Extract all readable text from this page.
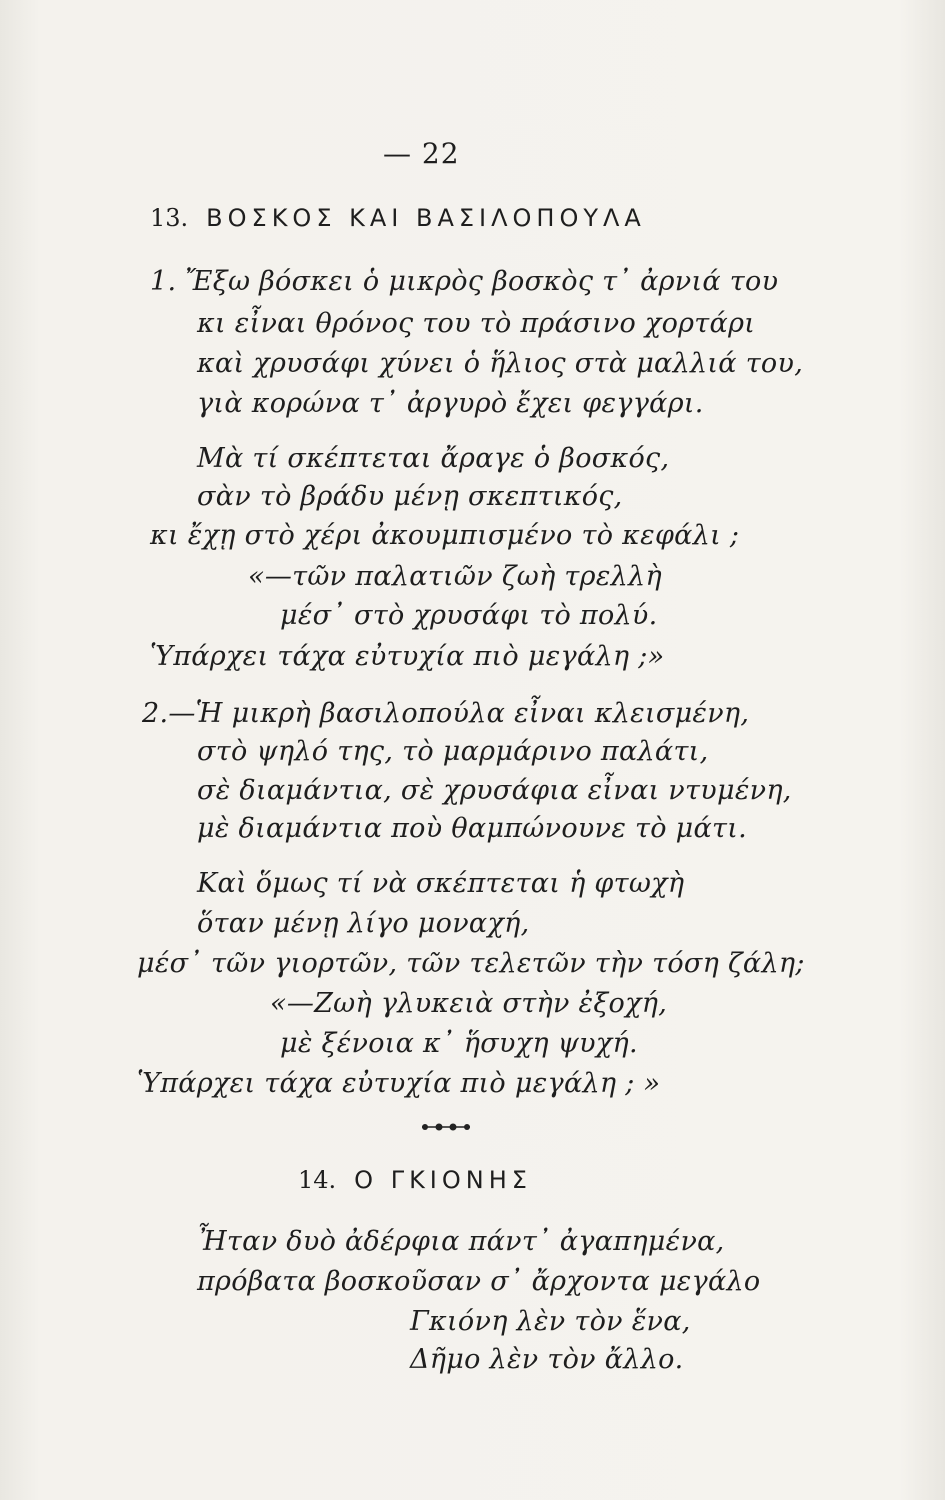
— 22
13. ΒΟΣΚΟΣ ΚΑΙ ΒΑΣΙΛΟΠΟΥΛΑ
1. Ἔξω βόσκει ὁ μικρὸς βοσκὸς τ᾿ ἀρνιά του
κι εἶναι θρόνος του τὸ πράσινο χορτάρι
καὶ χρυσάφι χύνει ὁ ἥλιος στὰ μαλλιά του,
γιὰ κορώνα τ᾿ ἀργυρὸ ἔχει φεγγάρι.
Μὰ τί σκέπτεται ἄραγε ὁ βοσκός,
σὰν τὸ βράδυ μένῃ σκεπτικός,
κι ἔχῃ στὸ χέρι ἀκουμπισμένο τὸ κεφάλι ;
«—τῶν παλατιῶν ζωὴ τρελλὴ
μέσ᾿ στὸ χρυσάφι τὸ πολύ.
Ὑπάρχει τάχα εὐτυχία πιὸ μεγάλη ;»
2.—Ἡ μικρὴ βασιλοπούλα εἶναι κλεισμένη,
στὸ ψηλό της, τὸ μαρμάρινο παλάτι,
σὲ διαμάντια, σὲ χρυσάφια εἶναι ντυμένη,
μὲ διαμάντια ποὺ θαμπώνουνε τὸ μάτι.
Καὶ ὅμως τί νὰ σκέπτεται ἡ φτωχὴ
ὅταν μένῃ λίγο μοναχή,
μέσ᾿ τῶν γιορτῶν, τῶν τελετῶν τὴν τόση ζάλη;
«—Ζωὴ γλυκειὰ στὴν ἐξοχή,
μὲ ξένοια κ᾿ ἥσυχη ψυχή.
Ὑπάρχει τάχα εὐτυχία πιὸ μεγάλη ; »
14. Ο ΓΚΙΟΝΗΣ
Ἦταν δυὸ ἀδέρφια πάντ᾿ ἀγαπημένα,
πρόβατα βοσκοῦσαν σ᾿ ἄρχοντα μεγάλο
Γκιόνη λὲν τὸν ἕνα,
Δῆμο λὲν τὸν ἄλλο.
